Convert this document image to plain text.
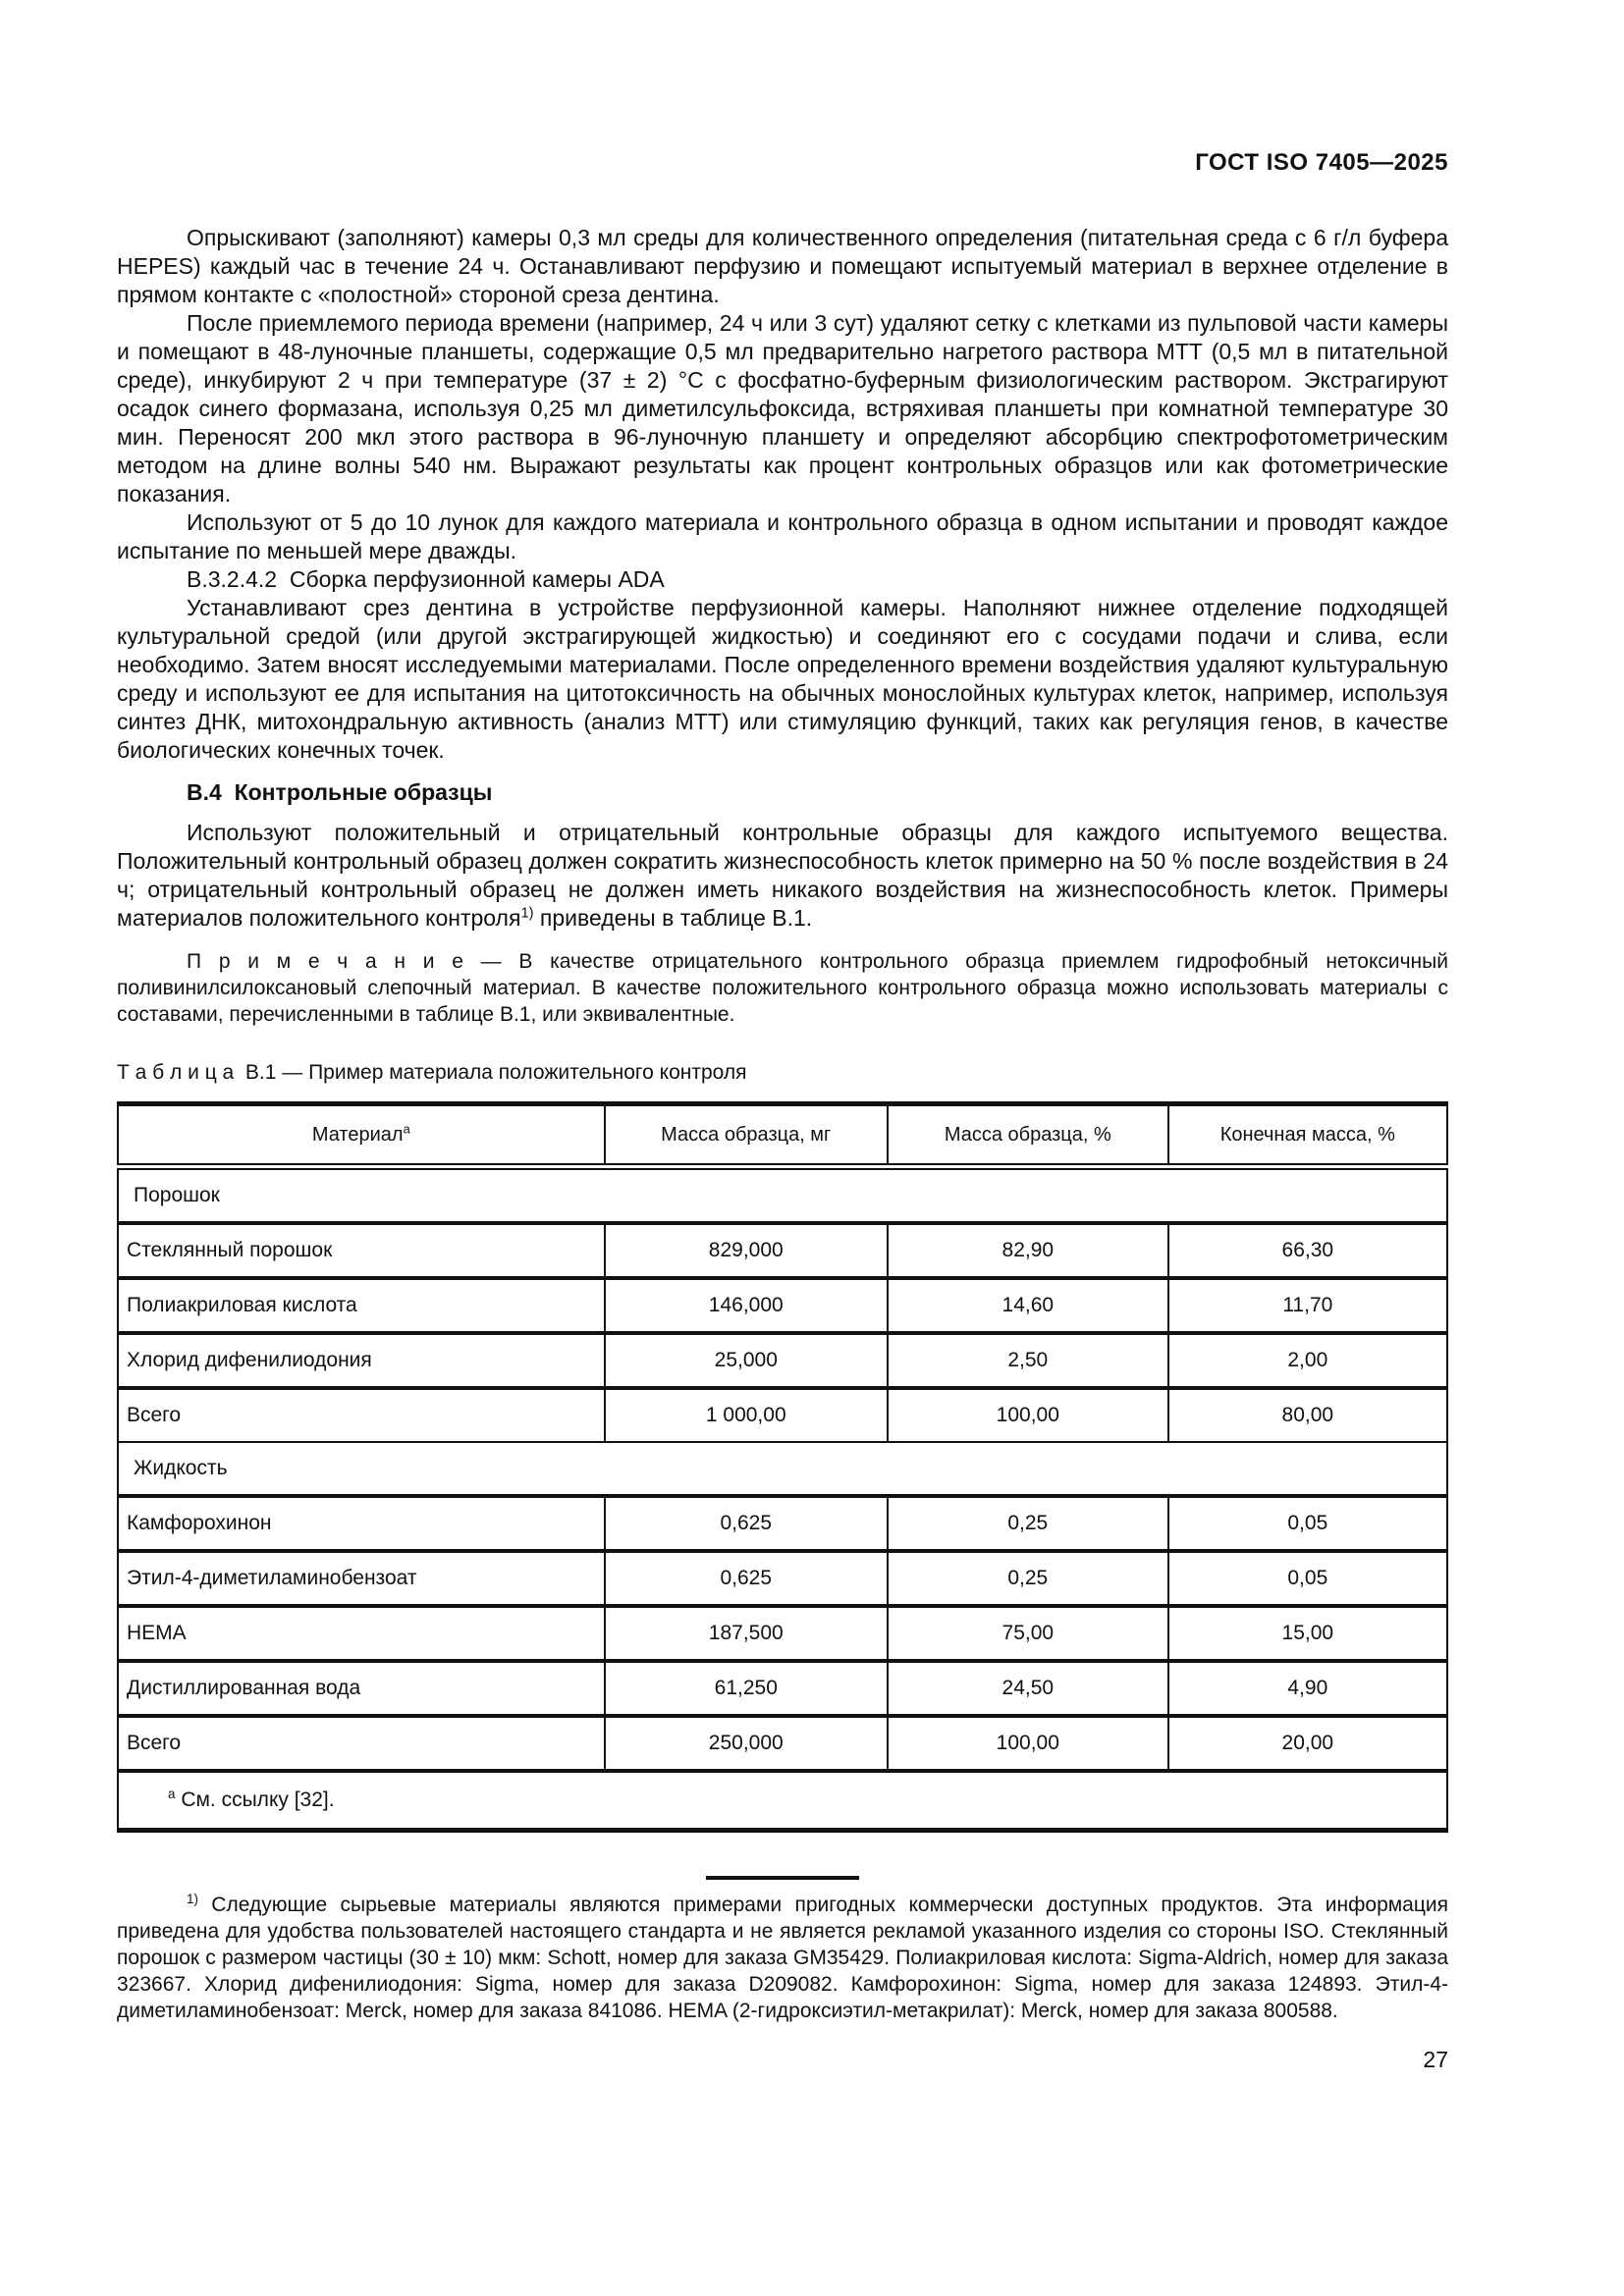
ГОСТ ISO 7405—2025

Опрыскивают (заполняют) камеры 0,3 мл среды для количественного определения (питательная среда с 6 г/л буфера HEPES) каждый час в течение 24 ч. Останавливают перфузию и помещают испытуемый материал в верхнее отделение в прямом контакте с «полостной» стороной среза дентина.

После приемлемого периода времени (например, 24 ч или 3 сут) удаляют сетку с клетками из пульповой части камеры и помещают в 48-луночные планшеты, содержащие 0,5 мл предварительно нагретого раствора МТТ (0,5 мл в питательной среде), инкубируют 2 ч при температуре (37 ± 2) °С с фосфатно-буферным физиологическим раствором. Экстрагируют осадок синего формазана, используя 0,25 мл диметилсульфоксида, встряхивая планшеты при комнатной температуре 30 мин. Переносят 200 мкл этого раствора в 96-луночную планшету и определяют абсорбцию спектрофотометрическим методом на длине волны 540 нм. Выражают результаты как процент контрольных образцов или как фотометрические показания.

Используют от 5 до 10 лунок для каждого материала и контрольного образца в одном испытании и проводят каждое испытание по меньшей мере дважды.

В.3.2.4.2  Сборка перфузионной камеры ADA

Устанавливают срез дентина в устройстве перфузионной камеры. Наполняют нижнее отделение подходящей культуральной средой (или другой экстрагирующей жидкостью) и соединяют его с сосудами подачи и слива, если необходимо. Затем вносят исследуемыми материалами. После определенного времени воздействия удаляют культуральную среду и используют ее для испытания на цитотоксичность на обычных монослойных культурах клеток, например, используя синтез ДНК, митохондральную активность (анализ МТТ) или стимуляцию функций, таких как регуляция генов, в качестве биологических конечных точек.

В.4  Контрольные образцы

Используют положительный и отрицательный контрольные образцы для каждого испытуемого вещества. Положительный контрольный образец должен сократить жизнеспособность клеток примерно на 50 % после воздействия в 24 ч; отрицательный контрольный образец не должен иметь никакого воздействия на жизнеспособность клеток. Примеры материалов положительного контроля$^{1)}$ приведены в таблице В.1.

П р и м е ч а н и е — В качестве отрицательного контрольного образца приемлем гидрофобный нетоксичный поливинилсилоксановый слепочный материал. В качестве положительного контрольного образца можно использовать материалы с составами, перечисленными в таблице В.1, или эквивалентные.

Т а б л и ц а  В.1 — Пример материала положительного контроля
Материал$^а$	Масса образца, мг	Масса образца, %	Конечная масса, %
Порошок			
Стеклянный порошок	829,000	82,90	66,30
Полиакриловая кислота	146,000	14,60	11,70
Хлорид дифенилиодония	25,000	2,50	2,00
Всего	1 000,00	100,00	80,00
Жидкость			
Камфорохинон	0,625	0,25	0,05
Этил-4-диметиламинобензоат	0,625	0,25	0,05
HEMA	187,500	75,00	15,00
Дистиллированная вода	61,250	24,50	4,90
Всего	250,000	100,00	20,00
$^а$ См. ссылку [32].			

$^{1)}$ Следующие сырьевые материалы являются примерами пригодных коммерчески доступных продуктов. Эта информация приведена для удобства пользователей настоящего стандарта и не является рекламой указанного изделия со стороны ISO. Стеклянный порошок с размером частицы (30 ± 10) мкм: Schott, номер для заказа GM35429. Полиакриловая кислота: Sigma-Aldrich, номер для заказа 323667. Хлорид дифенилиодония: Sigma, номер для заказа D209082. Камфорохинон: Sigma, номер для заказа 124893. Этил-4-диметиламинобензоат: Merck, номер для заказа 841086. HEMA (2-гидроксиэтил-метакрилат): Merck, номер для заказа 800588.

27
